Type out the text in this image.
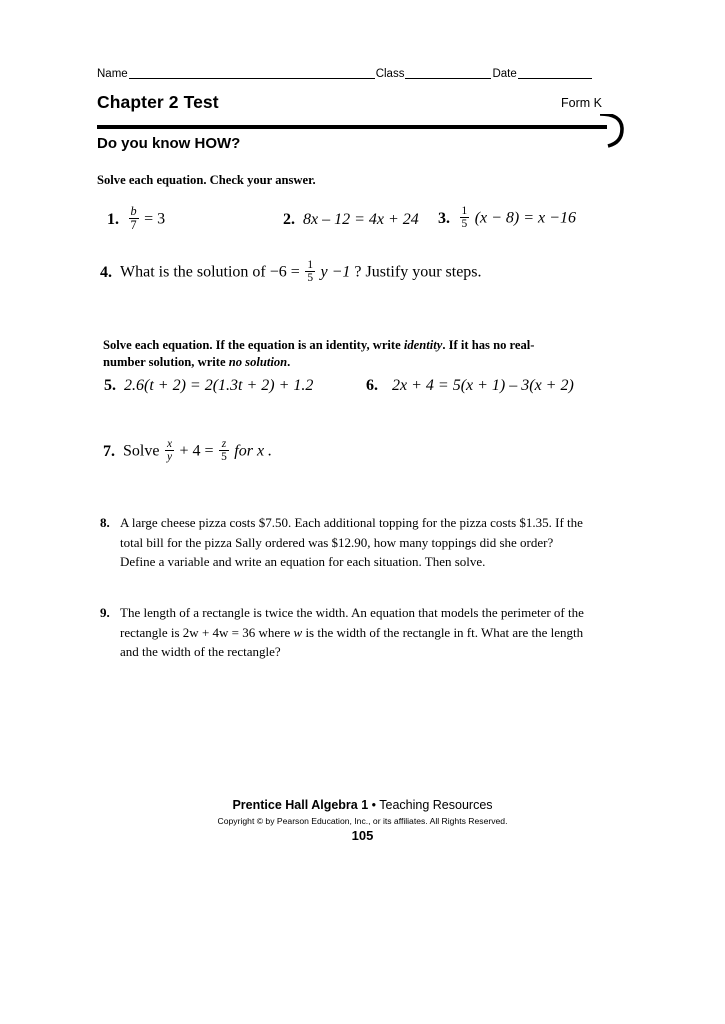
Name	Class	Date
Chapter 2 Test	Form K
Do you know HOW?
Solve each equation. Check your answer.
1. $\frac{b}{7} = 3$	2. 8x – 12 = 4x + 24 3. $\frac{1}{5} (x - 8) = x -16$
4. What is the solution of $-6 = \frac{1}{5}$ y −1 ? Justify your steps.
Solve each equation. If the equation is an identity, write identity. If it has no real-number solution, write no solution.
5. 2.6(t + 2) = 2(1.3t + 2) + 1.2	6. 2x + 4 = 5(x + 1) – 3(x + 2)
7. Solve $\frac{x}{y} + 4 = \frac{z}{5}$ for x .
8. A large cheese pizza costs $7.50. Each additional topping for the pizza costs $1.35. If the total bill for the pizza Sally ordered was $12.90, how many toppings did she order? Define a variable and write an equation for each situation. Then solve.
9. The length of a rectangle is twice the width. An equation that models the perimeter of the rectangle is 2w + 4w = 36 where w is the width of the rectangle in ft. What are the length and the width of the rectangle?
Prentice Hall Algebra 1 • Teaching Resources
Copyright © by Pearson Education, Inc., or its affiliates. All Rights Reserved.
105
